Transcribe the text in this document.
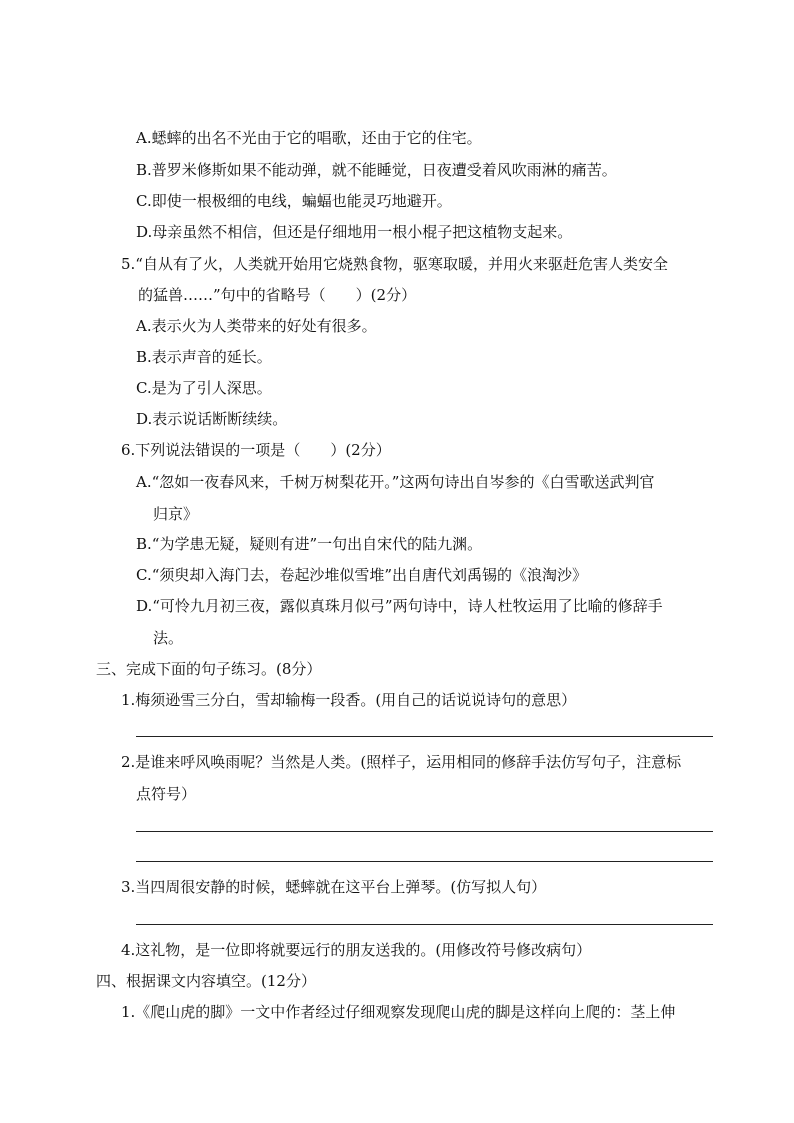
A.蟋蟀的出名不光由于它的唱歌，还由于它的住宅。
B.普罗米修斯如果不能动弹，就不能睡觉，日夜遭受着风吹雨淋的痛苦。
C.即使一根极细的电线，蝙蝠也能灵巧地避开。
D.母亲虽然不相信，但还是仔细地用一根小棍子把这植物支起来。
5.“自从有了火，人类就开始用它烧熟食物，驱寒取暖，并用火来驱赶危害人类安全
的猛兽……”句中的省略号（　　）(2分）
A.表示火为人类带来的好处有很多。
B.表示声音的延长。
C.是为了引人深思。
D.表示说话断断续续。
6.下列说法错误的一项是（　　）(2分）
A.“忽如一夜春风来，千树万树梨花开。”这两句诗出自岑参的《白雪歌送武判官
归京》
B.“为学患无疑，疑则有进”一句出自宋代的陆九渊。
C.“须臾却入海门去，卷起沙堆似雪堆”出自唐代刘禹锡的《浪淘沙》
D.“可怜九月初三夜，露似真珠月似弓”两句诗中，诗人杜牧运用了比喻的修辞手
法。
三、完成下面的句子练习。(8分）
1.梅须逊雪三分白，雪却输梅一段香。(用自己的话说说诗句的意思）
2.是谁来呼风唤雨呢？当然是人类。(照样子，运用相同的修辞手法仿写句子，注意标
点符号）
3.当四周很安静的时候，蟋蟀就在这平台上弹琴。(仿写拟人句）
4.这礼物，是一位即将就要远行的朋友送我的。(用修改符号修改病句）
四、根据课文内容填空。(12分）
1.《爬山虎的脚》一文中作者经过仔细观察发现爬山虎的脚是这样向上爬的：茎上伸
